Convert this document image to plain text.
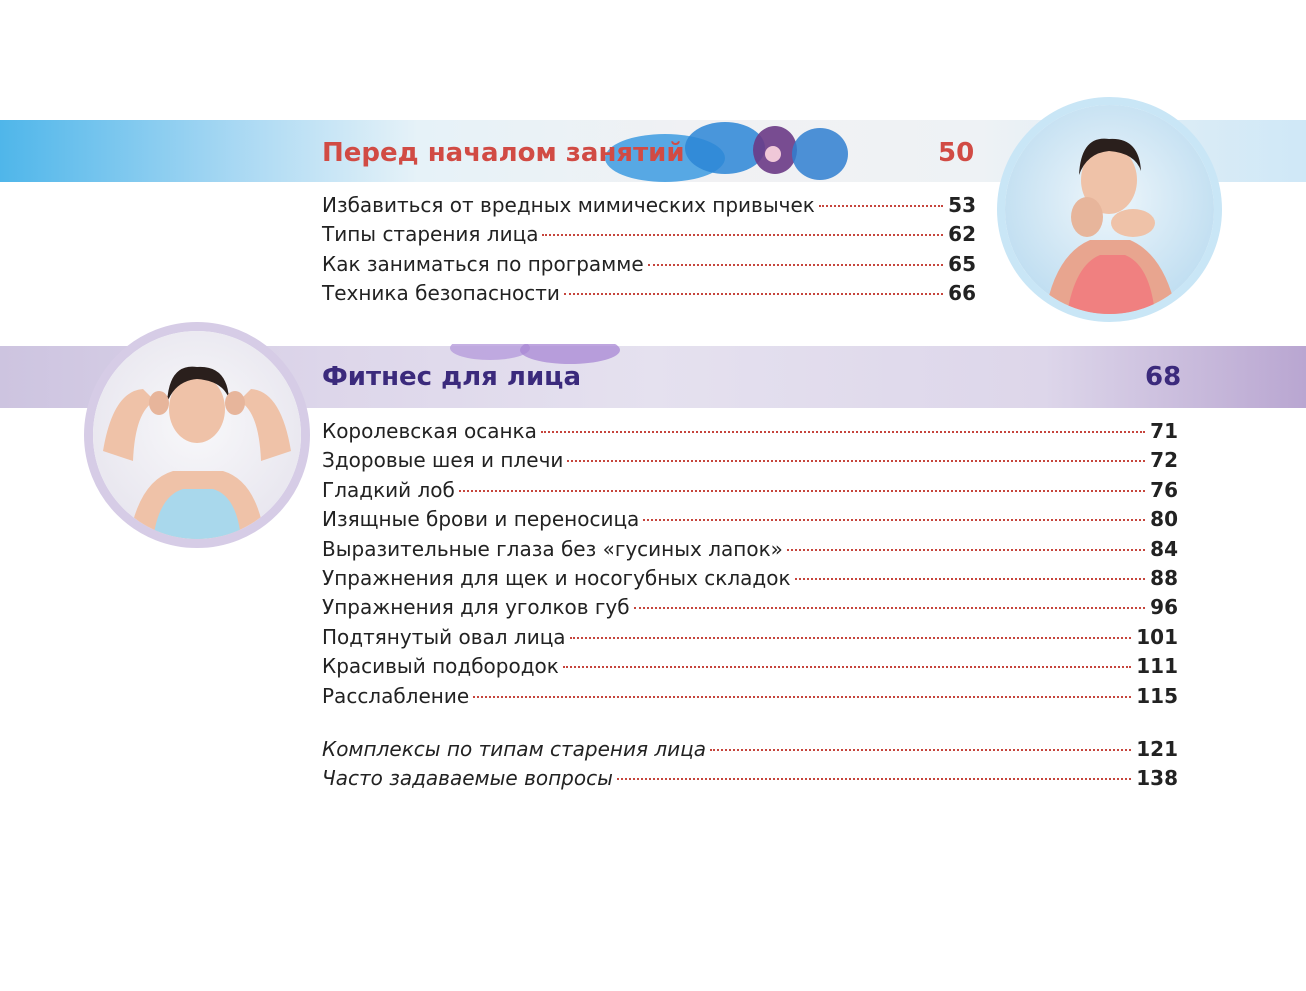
Перед началом занятий	50
Избавиться от вредных мимических привычек	53
Типы старения лица	62
Как заниматься по программе	65
Техника безопасности	66
Фитнес для лица	68
Королевская осанка	71
Здоровые шея и плечи	72
Гладкий лоб	76
Изящные брови и переносица	80
Выразительные глаза без «гусиных лапок»	84
Упражнения для щек и носогубных складок	88
Упражнения для уголков губ	96
Подтянутый овал лица	101
Красивый подбородок	111
Расслабление	115
Комплексы по типам старения лица	121
Часто задаваемые вопросы	138
